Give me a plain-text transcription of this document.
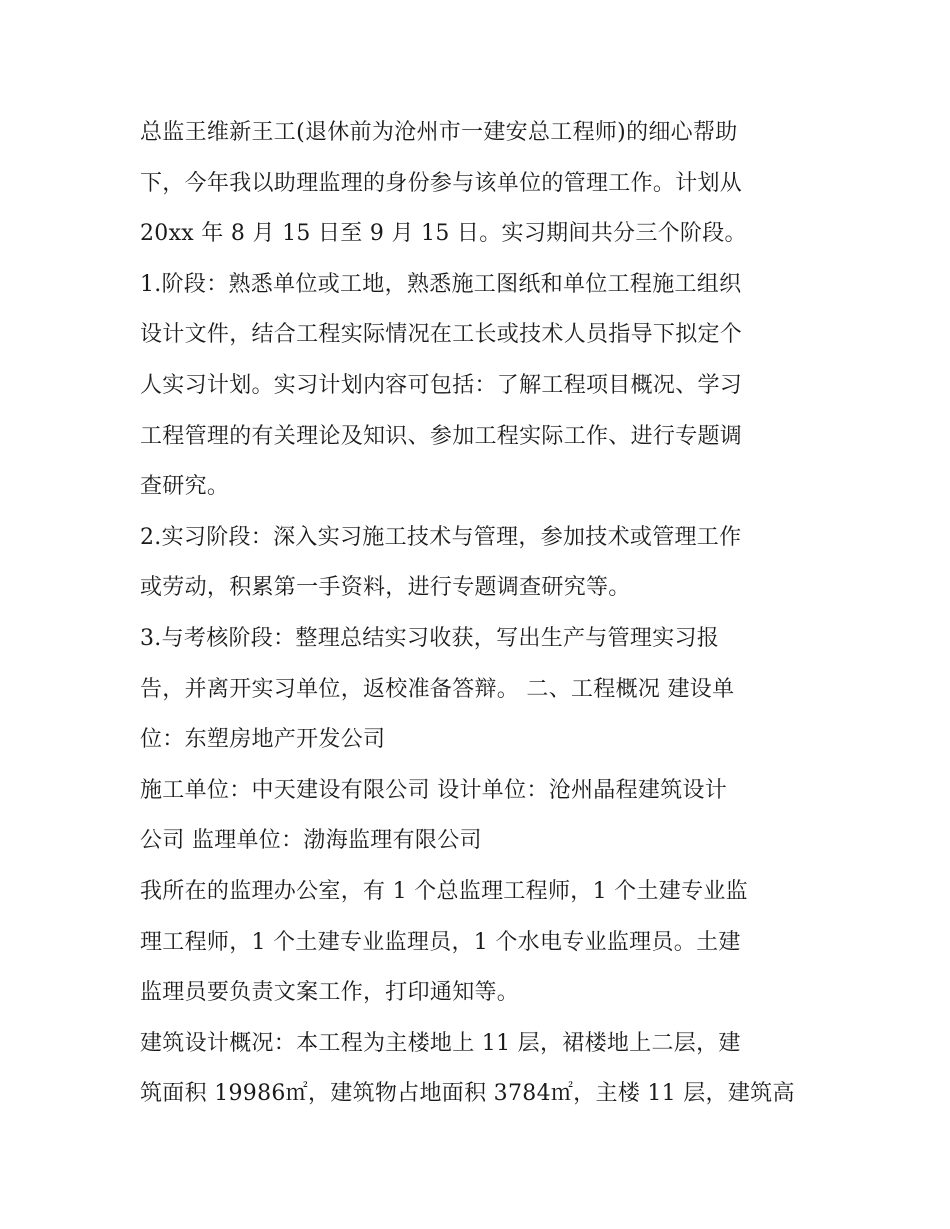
总监王维新王工(退休前为沧州市一建安总工程师)的细心帮助
下，今年我以助理监理的身份参与该单位的管理工作。计划从
20xx 年 8 月 15 日至 9 月 15 日。实习期间共分三个阶段。
1.阶段：熟悉单位或工地，熟悉施工图纸和单位工程施工组织
设计文件，结合工程实际情况在工长或技术人员指导下拟定个
人实习计划。实习计划内容可包括：了解工程项目概况、学习
工程管理的有关理论及知识、参加工程实际工作、进行专题调
查研究。
2.实习阶段：深入实习施工技术与管理，参加技术或管理工作
或劳动，积累第一手资料，进行专题调查研究等。
3.与考核阶段：整理总结实习收获，写出生产与管理实习报
告，并离开实习单位，返校准备答辩。 二、工程概况 建设单
位：东塑房地产开发公司
施工单位：中天建设有限公司 设计单位：沧州晶程建筑设计
公司 监理单位：渤海监理有限公司
我所在的监理办公室，有 1 个总监理工程师，1 个土建专业监
理工程师，1 个土建专业监理员，1 个水电专业监理员。土建
监理员要负责文案工作，打印通知等。
建筑设计概况：本工程为主楼地上 11 层，裙楼地上二层，建
筑面积 19986㎡，建筑物占地面积 3784㎡，主楼 11 层，建筑高
